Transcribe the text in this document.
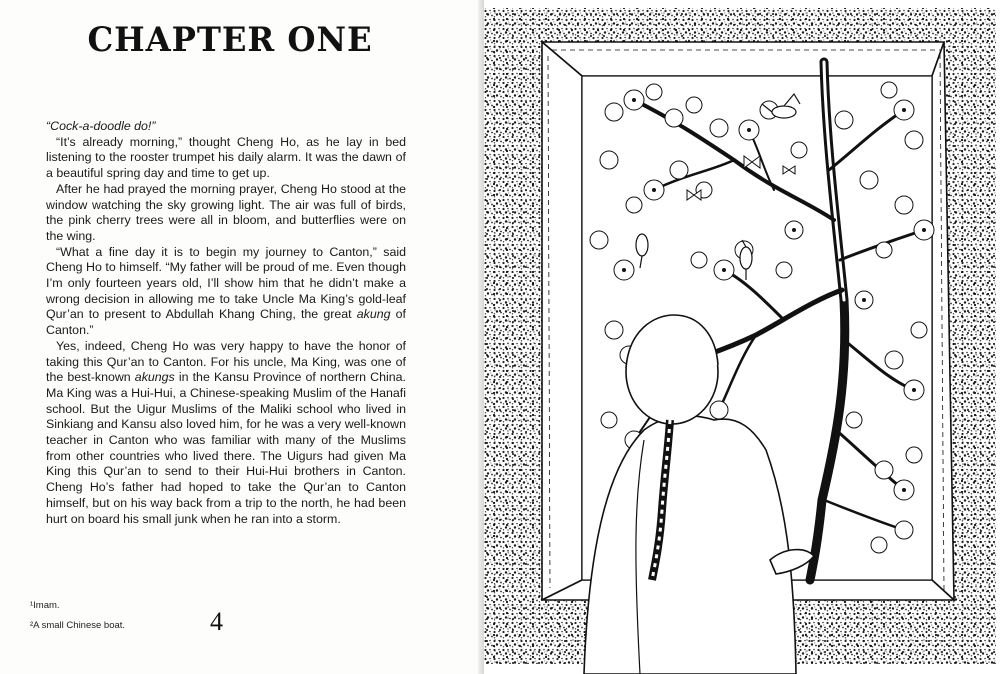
CHAPTER ONE

“Cock-a-doodle do!”

“It’s already morning,” thought Cheng Ho, as he lay in bed listening to the rooster trumpet his daily alarm. It was the dawn of a beautiful spring day and time to get up.

After he had prayed the morning prayer, Cheng Ho stood at the window watching the sky growing light. The air was full of birds, the pink cherry trees were all in bloom, and butterflies were on the wing.

“What a fine day it is to begin my journey to Canton,” said Cheng Ho to himself. “My father will be proud of me. Even though I’m only fourteen years old, I’ll show him that he didn’t make a wrong decision in allowing me to take Uncle Ma King’s gold-leaf Qur’an to present to Abdullah Khang Ching, the great akung of Canton.”

Yes, indeed, Cheng Ho was very happy to have the honor of taking this Qur’an to Canton. For his uncle, Ma King, was one of the best-known akungs in the Kansu Province of northern China. Ma King was a Hui-Hui, a Chinese-speaking Muslim of the Hanafi school. But the Uigur Muslims of the Maliki school who lived in Sinkiang and Kansu also loved him, for he was a very well-known teacher in Canton who was familiar with many of the Muslims from other countries who lived there. The Uigurs had given Ma King this Qur’an to send to their Hui-Hui brothers in Canton. Cheng Ho’s father had hoped to take the Qur’an to Canton himself, but on his way back from a trip to the north, he had been hurt on board his small junk when he ran into a storm.

¹Imam.
²A small Chinese boat.	4
